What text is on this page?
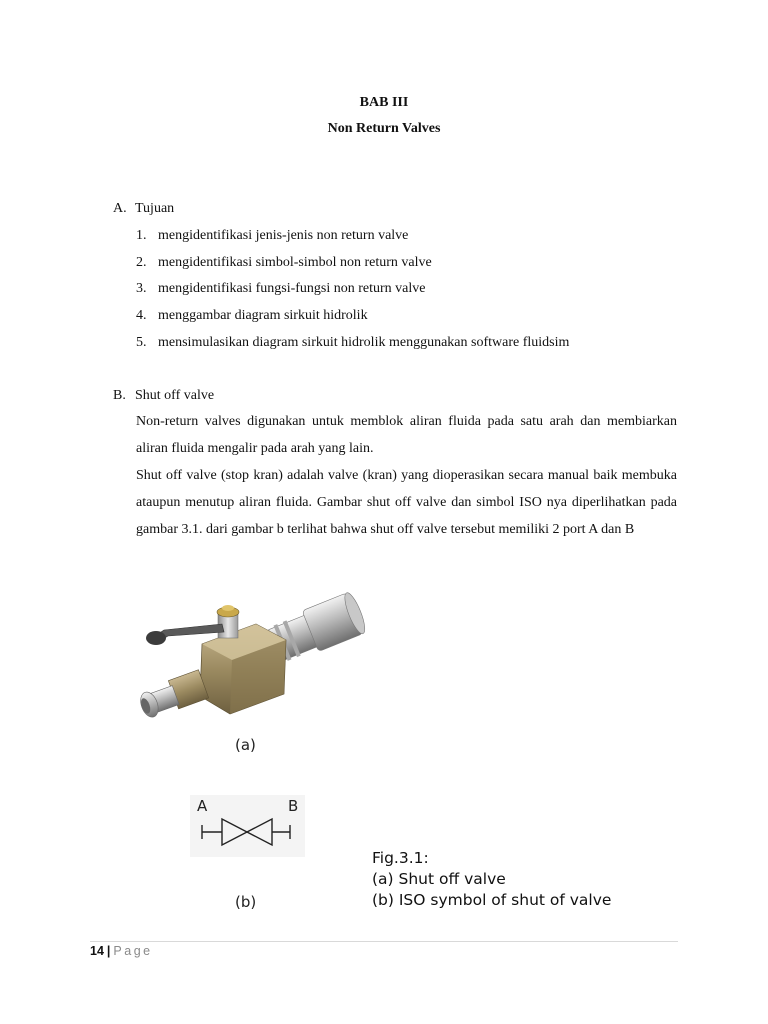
BAB III
Non Return Valves
A. Tujuan
1. mengidentifikasi jenis-jenis non return valve
2. mengidentifikasi simbol-simbol non return valve
3. mengidentifikasi fungsi-fungsi non return valve
4. menggambar diagram sirkuit hidrolik
5. mensimulasikan diagram sirkuit hidrolik menggunakan software fluidsim
B. Shut off valve
Non-return valves digunakan untuk memblok aliran fluida pada satu arah dan membiarkan aliran fluida mengalir pada arah yang lain.
Shut off valve (stop kran) adalah valve (kran) yang dioperasikan secara manual baik membuka ataupun menutup aliran fluida. Gambar shut off valve dan simbol ISO nya diperlihatkan pada gambar 3.1. dari gambar b terlihat bahwa shut off valve tersebut memiliki 2 port A dan B
(a)
A	B
(b)
Fig.3.1:
(a) Shut off valve
(b) ISO symbol of shut of valve
14 | Page
